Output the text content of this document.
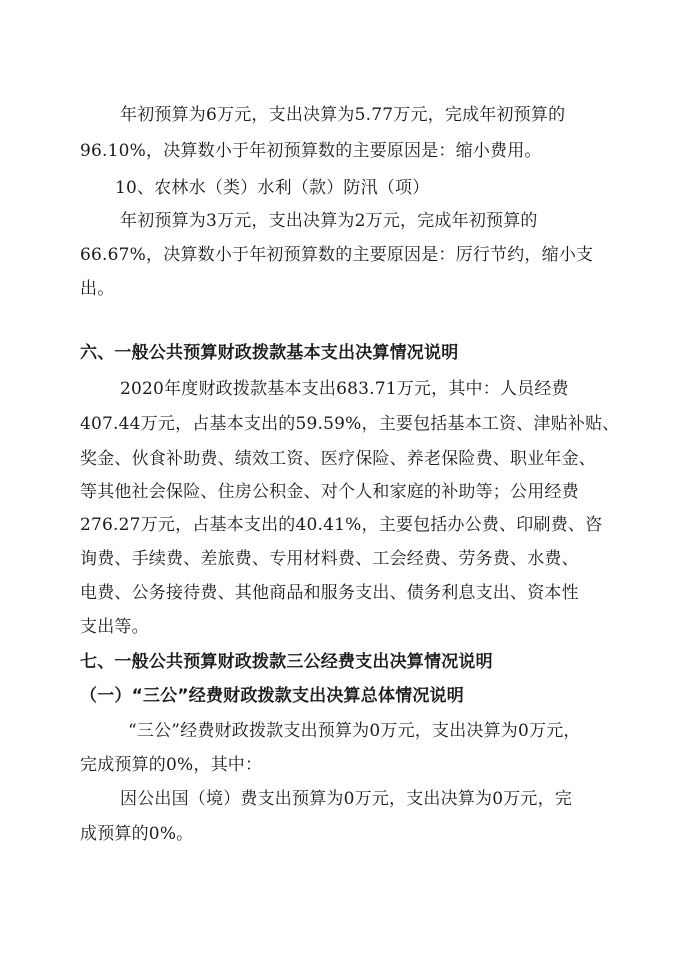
年初预算为6万元，支出决算为5.77万元，完成年初预算的
96.10%，决算数小于年初预算数的主要原因是：缩小费用。
10、农林水（类）水利（款）防汛（项）
年初预算为3万元，支出决算为2万元，完成年初预算的
66.67%，决算数小于年初预算数的主要原因是：厉行节约，缩小支
出。
六、一般公共预算财政拨款基本支出决算情况说明
2020年度财政拨款基本支出683.71万元，其中：人员经费
407.44万元，占基本支出的59.59%，主要包括基本工资、津贴补贴、
奖金、伙食补助费、绩效工资、医疗保险、养老保险费、职业年金、
等其他社会保险、住房公积金、对个人和家庭的补助等；公用经费
276.27万元，占基本支出的40.41%，主要包括办公费、印刷费、咨
询费、手续费、差旅费、专用材料费、工会经费、劳务费、水费、
电费、公务接待费、其他商品和服务支出、债务利息支出、资本性
支出等。
七、一般公共预算财政拨款三公经费支出决算情况说明
（一）“三公”经费财政拨款支出决算总体情况说明
“三公”经费财政拨款支出预算为0万元，支出决算为0万元，
完成预算的0%，其中：
因公出国（境）费支出预算为0万元，支出决算为0万元，完
成预算的0%。
